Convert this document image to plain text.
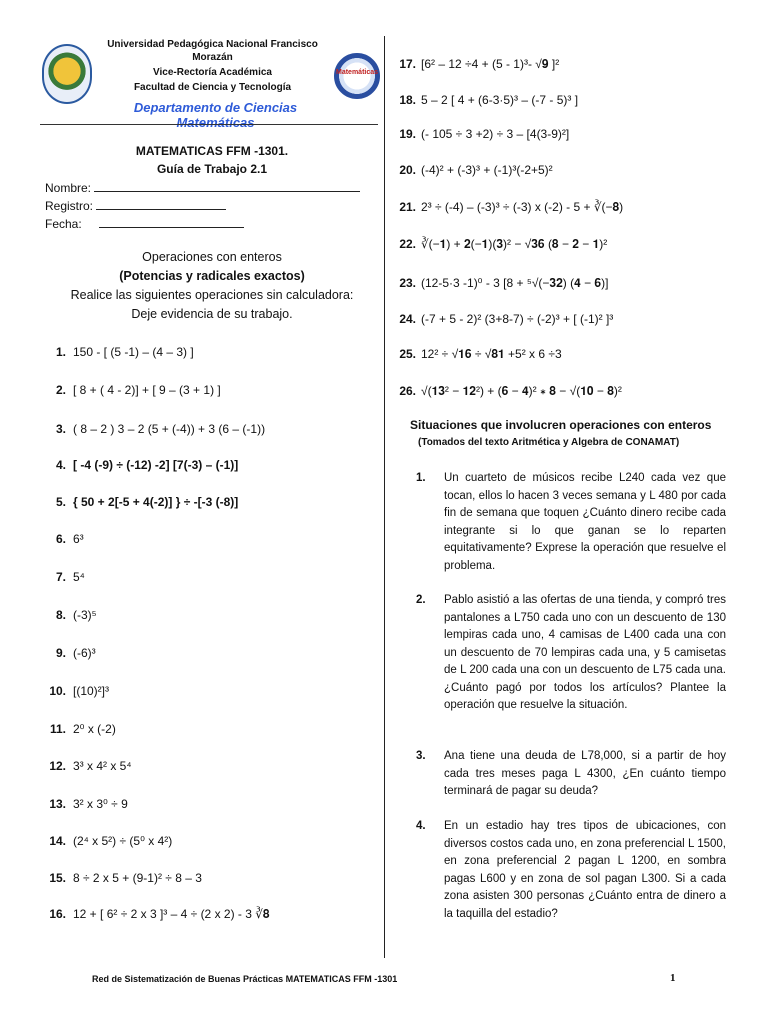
Matemáticas
Universidad Pedagógica Nacional Francisco
Morazán
Vice-Rectoría Académica
Facultad de Ciencia y Tecnología
Departamento de Ciencias Matemáticas
MATEMATICAS FFM -1301.
Guía de Trabajo 2.1
Nombre:
Registro:
Fecha:
Operaciones con enteros
(Potencias y radicales exactos)
Realice las siguientes operaciones sin calculadora:
Deje evidencia de su trabajo.
1. 150 - [ (5 -1) – (4 – 3) ]
2. [ 8 + ( 4 - 2)] + [ 9 – (3 + 1) ]
3. ( 8 – 2 ) 3 – 2 (5 + (-4)) + 3 (6 – (-1))
4. [ -4 (-9) ÷ (-12) -2] [7(-3) – (-1)]
5. { 50 + 2[-5 + 4(-2)] } ÷ -[-3 (-8)]
6. 6³
7. 5⁴
8. (-3)⁵
9. (-6)³
10. [(10)²]³
11. 2⁰ x (-2)
12. 3³ x 4² x 5⁴
13. 3² x 3⁰ ÷ 9
14. (2⁴ x 5²) ÷ (5⁰ x 4²)
15. 8 ÷ 2 x 5 + (9-1)² ÷ 8 – 3
16. 12 + [ 6² ÷ 2 x 3 ]³ – 4 ÷ (2 x 2) - 3 ∛𝟖
17. [6² – 12 ÷4 + (5 - 1)³- √𝟗 ]²
18. 5 – 2 [ 4 + (6-3·5)³ – (-7 - 5)³ ]
19. (- 105 ÷ 3 +2) ÷ 3 – [4(3-9)²]
20. (-4)² + (-3)³ + (-1)³(-2+5)²
21. 2³ ÷ (-4) – (-3)³ ÷ (-3) x (-2) - 5 + ∛(−𝟖)
22. ∛(−𝟏) + 𝟐(−𝟏)(𝟑)² − √𝟑𝟔 (𝟖 − 𝟐 − 𝟏)²
23. (12-5·3 -1)⁰ - 3 [8 + ⁵√(−𝟑𝟐) (𝟒 − 𝟔)]
24. (-7 + 5 - 2)² (3+8-7) ÷ (-2)³ + [ (-1)² ]³
25. 12² ÷ √𝟏𝟔 ÷ √𝟖𝟏 +5² x 6 ÷3
26. √(𝟏𝟑² − 𝟏𝟐²) + (𝟔 − 𝟒)² ∗ 𝟖 − √(𝟏𝟎 − 𝟖)²
Situaciones que involucren operaciones con enteros
(Tomados del texto Aritmética y Algebra de CONAMAT)
1.	Un cuarteto de músicos recibe L240 cada vez que tocan, ellos lo hacen 3 veces semana y L 480 por cada fin de semana que toquen ¿Cuánto dinero recibe cada integrante si lo que ganan se lo reparten equitativamente? Exprese la operación que resuelve el problema.
2.	Pablo asistió a las ofertas de una tienda, y compró tres pantalones a L750 cada uno con un descuento de 130 lempiras cada uno, 4 camisas de L400 cada una con un descuento de 70 lempiras cada una, y 5 camisetas de L 200 cada una con un descuento de L75 cada una. ¿Cuánto pagó por todos los artículos? Plantee la operación que resuelve la situación.
3.	Ana tiene una deuda de L78,000, si a partir de hoy cada tres meses paga L 4300, ¿En cuánto tiempo terminará de pagar su deuda?
4.	En un estadio hay tres tipos de ubicaciones, con diversos costos cada uno, en zona preferencial L 1500, en zona preferencial 2 pagan L 1200, en sombra pagas L600 y en zona de sol pagan L300. Si a cada zona asisten 300 personas ¿Cuánto entra de dinero a la taquilla del estadio?
Red de Sistematización de Buenas Prácticas MATEMATICAS FFM -1301	1
